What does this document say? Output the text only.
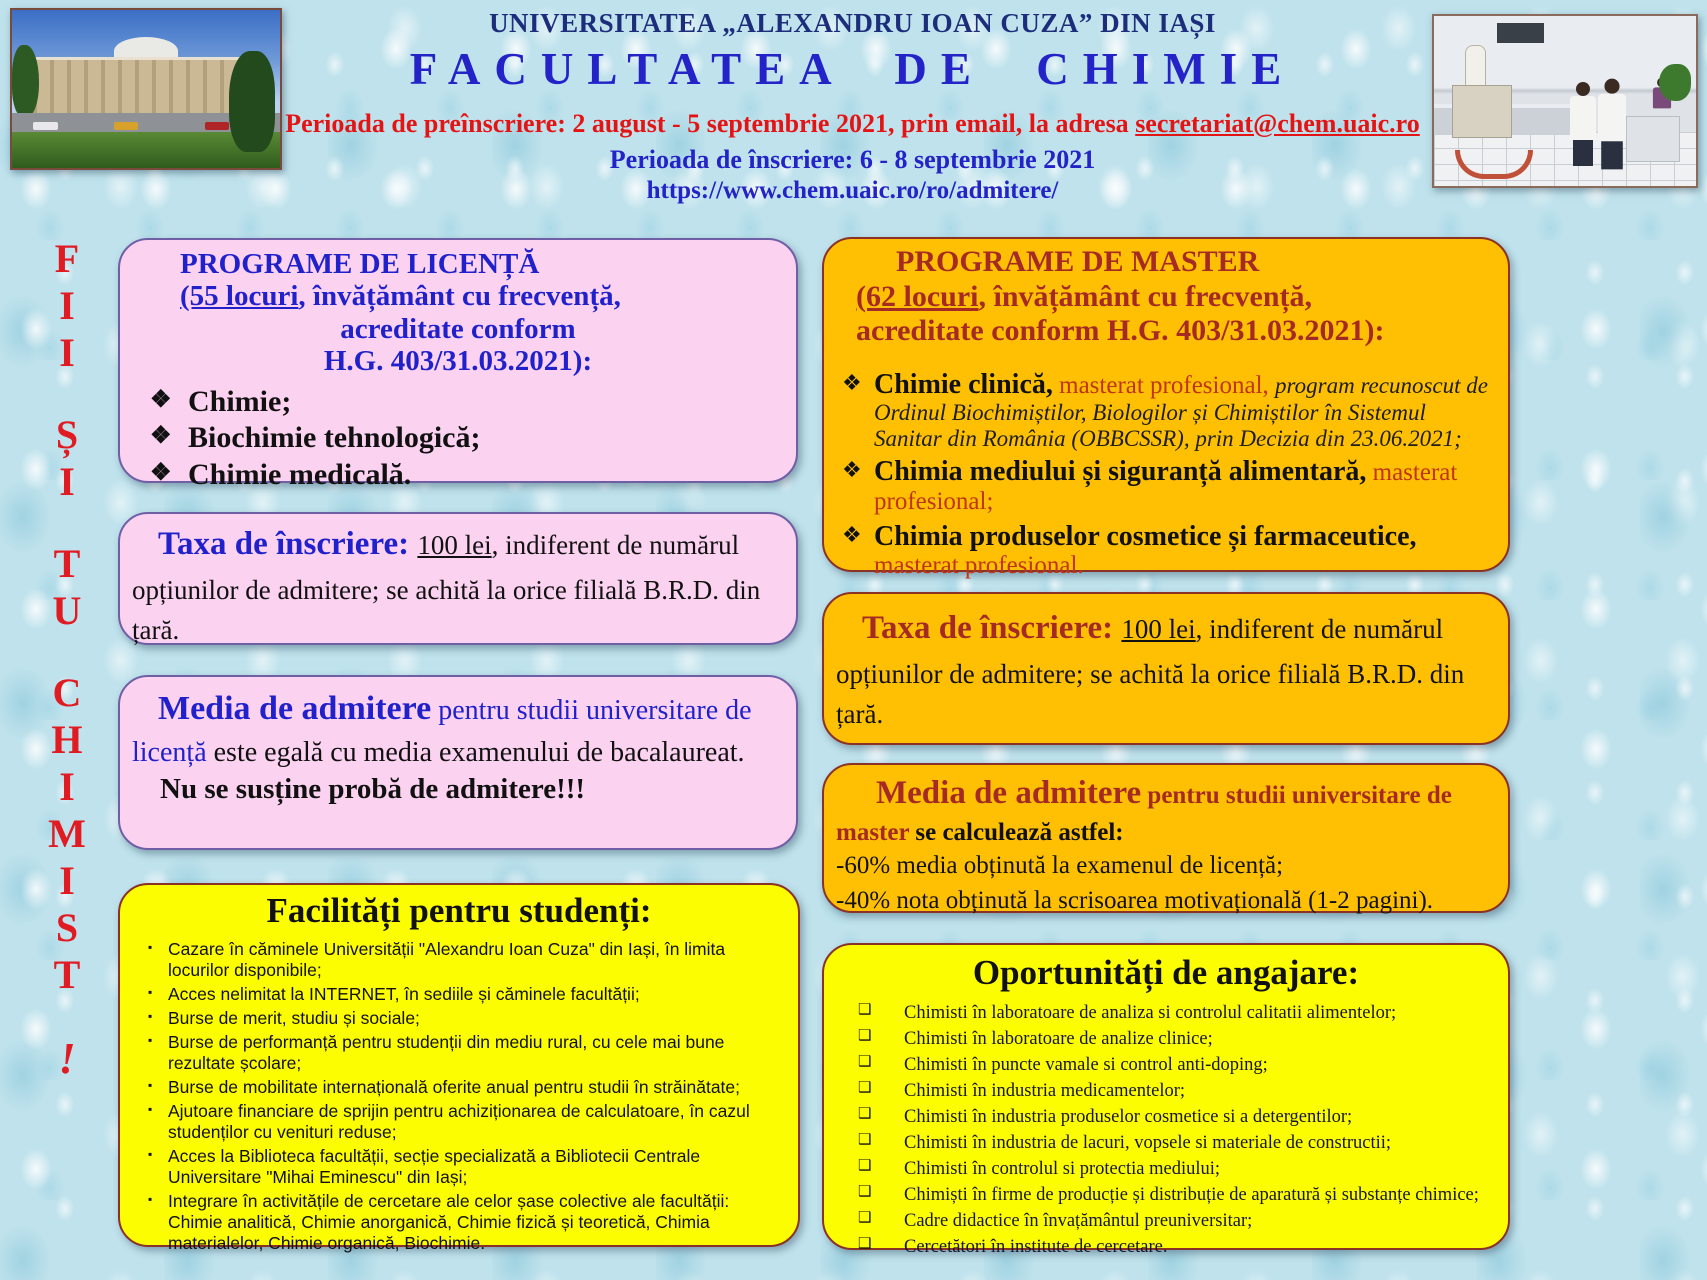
UNIVERSITATEA „ALEXANDRU IOAN CUZA” DIN IAȘI
FACULTATEA DE CHIMIE
Perioada de preînscriere: 2 august - 5 septembrie 2021, prin email, la adresa secretariat@chem.uaic.ro
Perioada de înscriere: 6 - 8 septembrie 2021
https://www.chem.uaic.ro/ro/admitere/
F
I
I
Ș
I
T
U
C
H
I
M
I
S
T
!
PROGRAME DE LICENȚĂ
(55 locuri, învățământ cu frecvență,
acreditate conform
H.G. 403/31.03.2021):
❖ Chimie;
❖ Biochimie tehnologică;
❖ Chimie medicală.

Taxa de înscriere: 100 lei, indiferent de numărul opțiunilor de admitere; se achită la orice filială B.R.D. din țară.

Media de admitere pentru studii universitare de licență este egală cu media examenului de bacalaureat.

Nu se susține probă de admitere!!!
Facilități pentru studenți:
▪ Cazare în căminele Universității "Alexandru Ioan Cuza" din Iași, în limita locurilor disponibile;
▪ Acces nelimitat la INTERNET, în sediile și căminele facultății;
▪ Burse de merit, studiu și sociale;
▪ Burse de performanță pentru studenții din mediu rural, cu cele mai bune rezultate școlare;
▪ Burse de mobilitate internațională oferite anual pentru studii în străinătate;
▪ Ajutoare financiare de sprijin pentru achiziționarea de calculatoare, în cazul studenților cu venituri reduse;
▪ Acces la Biblioteca facultății, secție specializată a Bibliotecii Centrale Universitare "Mihai Eminescu" din Iași;
▪ Integrare în activitățile de cercetare ale celor șase colective ale facultății: Chimie analitică, Chimie anorganică, Chimie fizică și teoretică, Chimia materialelor, Chimie organică, Biochimie.
PROGRAME DE MASTER
(62 locuri, învățământ cu frecvență,
acreditate conform H.G. 403/31.03.2021):
❖ Chimie clinică, masterat profesional, program recunoscut de Ordinul Biochimiștilor, Biologilor și Chimiștilor în Sistemul Sanitar din România (OBBCSSR), prin Decizia din 23.06.2021;
❖ Chimia mediului și siguranță alimentară, masterat profesional;
❖ Chimia produselor cosmetice și farmaceutice, masterat profesional.

Taxa de înscriere: 100 lei, indiferent de numărul opțiunilor de admitere; se achită la orice filială B.R.D. din țară.

Media de admitere pentru studii universitare de master se calculează astfel:

-60% media obținută la examenul de licență;
-40% nota obținută la scrisoarea motivațională (1-2 pagini).
Oportunități de angajare:
❑ Chimisti în laboratoare de analiza si controlul calitatii alimentelor;
❑ Chimisti în laboratoare de analize clinice;
❑ Chimisti în puncte vamale si control anti-doping;
❑ Chimisti în industria medicamentelor;
❑ Chimisti în industria produselor cosmetice si a detergentilor;
❑ Chimisti în industria de lacuri, vopsele si materiale de constructii;
❑ Chimisti în controlul si protectia mediului;
❑ Chimiști în firme de producție și distribuție de aparatură și substanțe chimice;
❑ Cadre didactice în învațământul preuniversitar;
❑ Cercetători în institute de cercetare.
